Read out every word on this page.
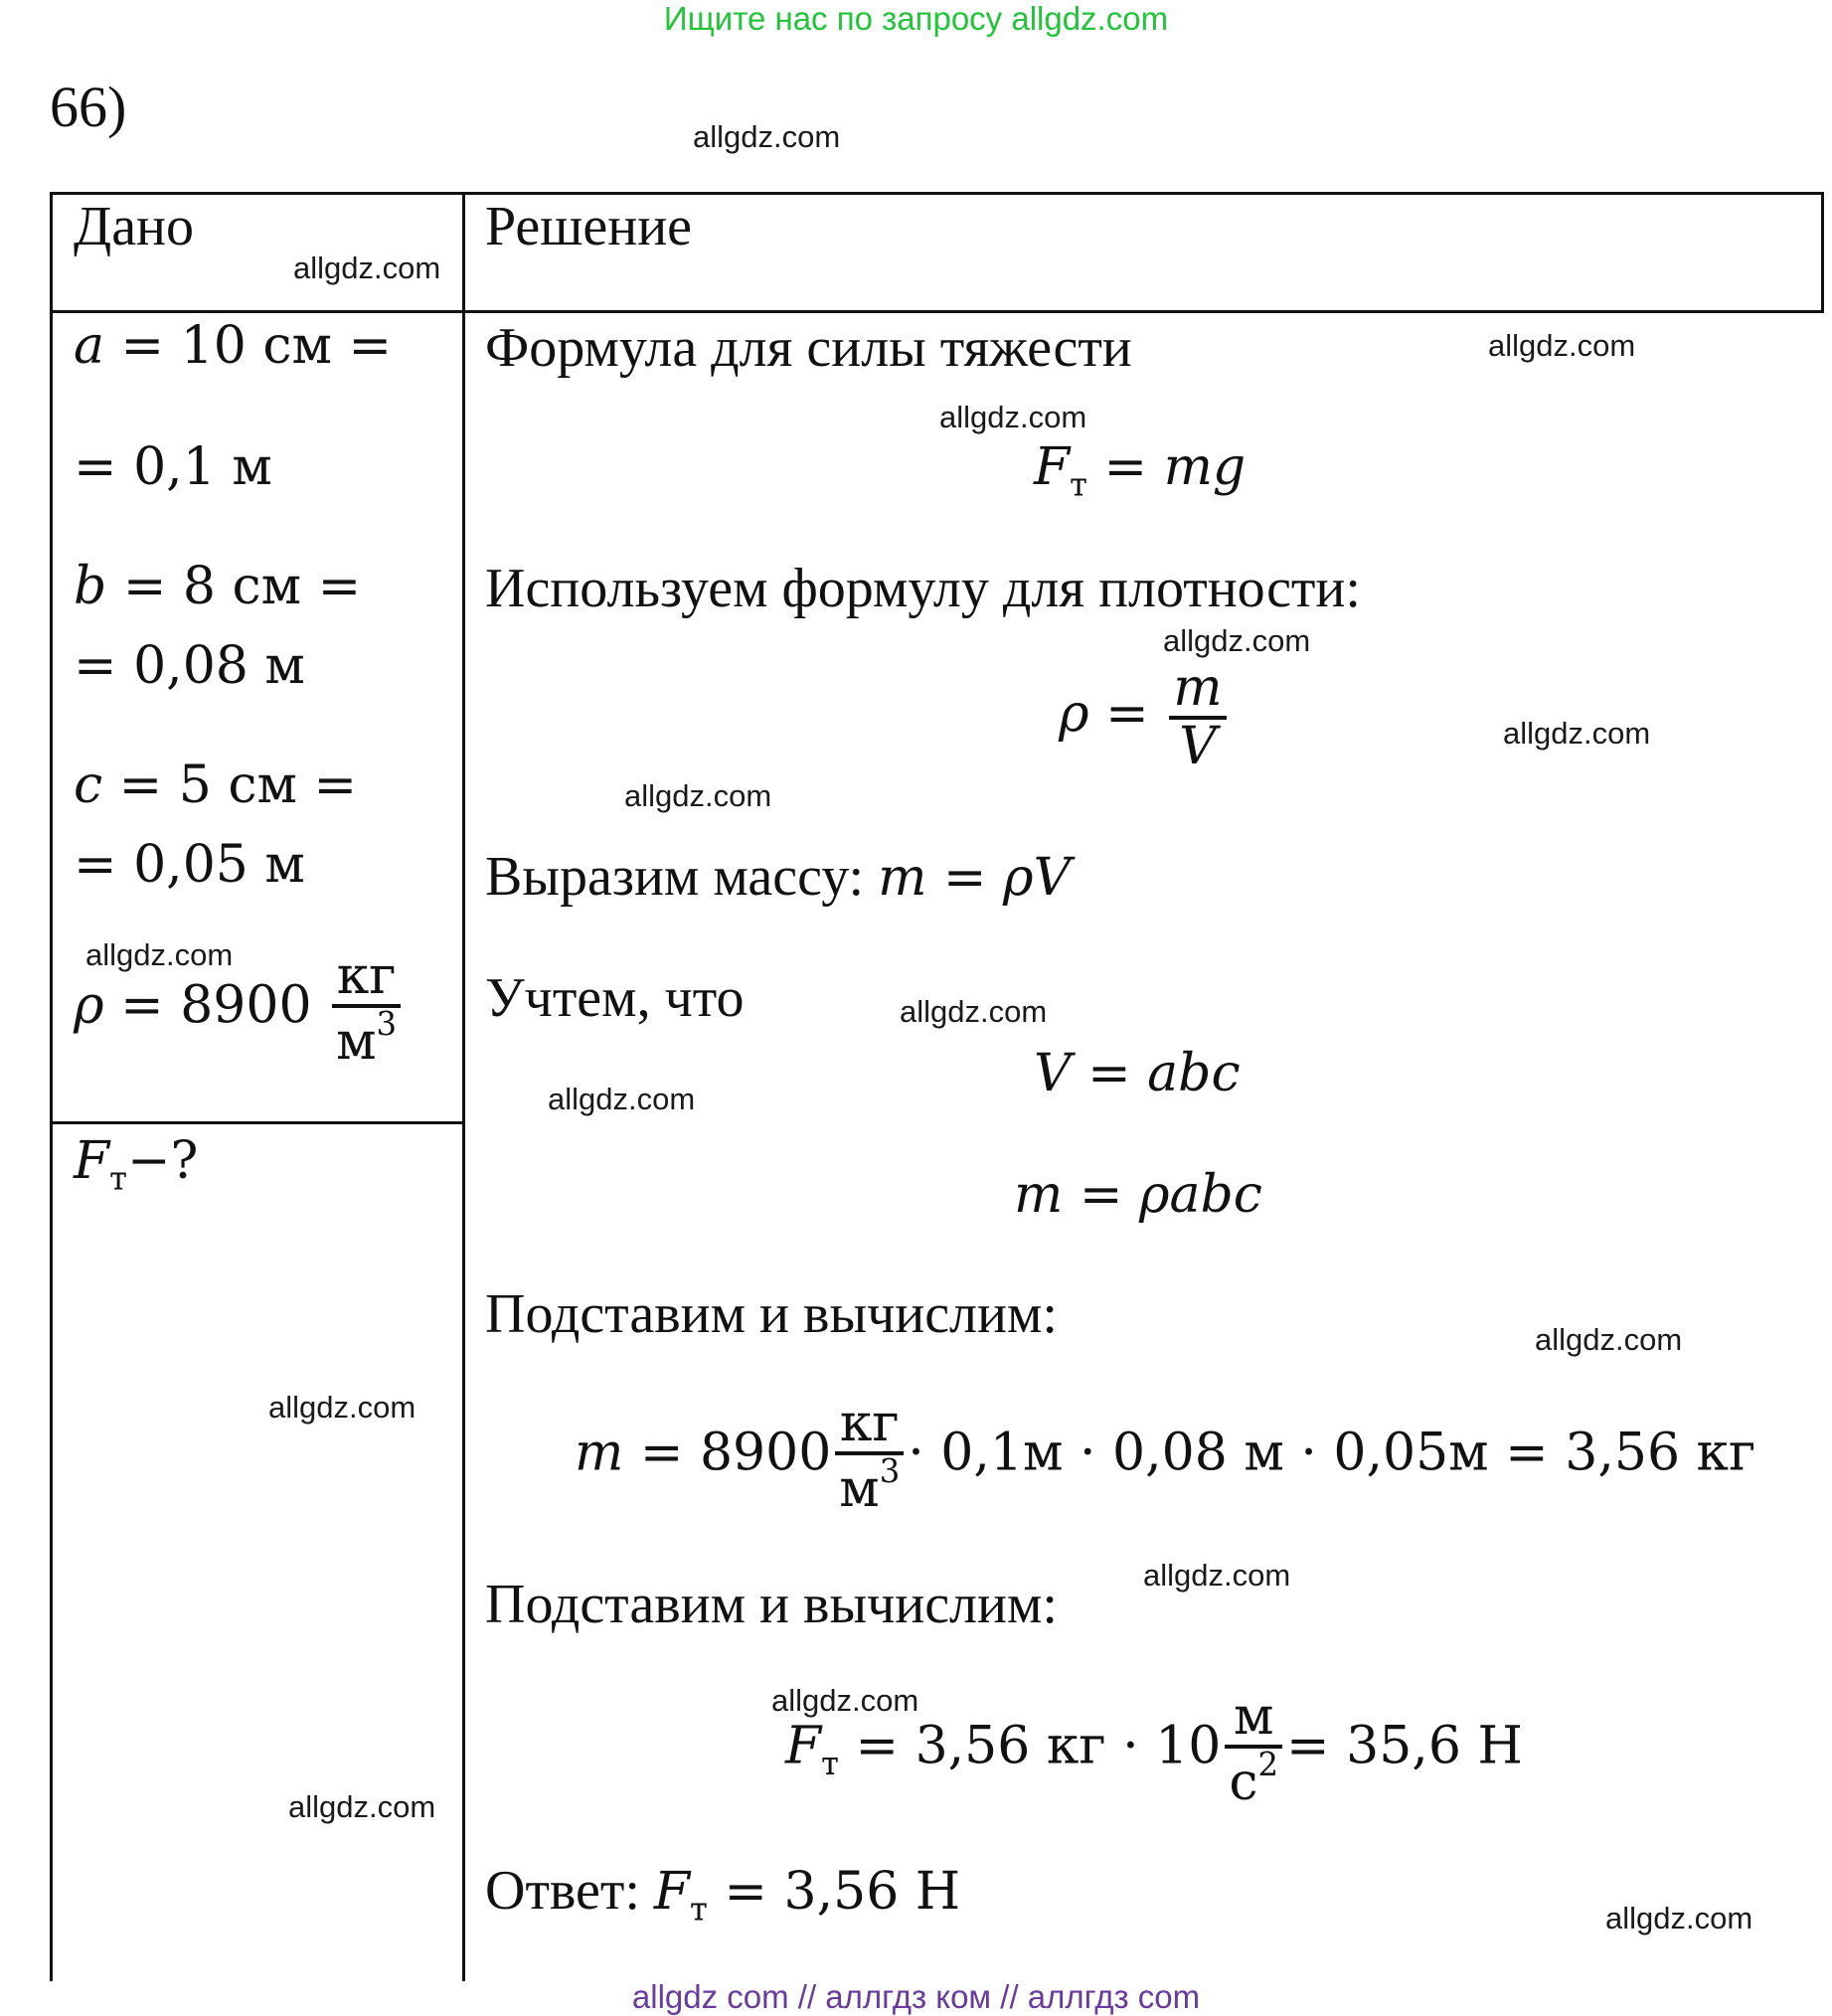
Ищите нас по запросу allgdz.com
66)
Дано	Решение
a = 10 см =
= 0,1 м
b = 8 см =
= 0,08 м
c = 5 см =
= 0,05 м
$\rho = 8900 \frac{кг}{м^3}$
$F_т-$?
Формула для силы тяжести
$F_т$ = mg
Используем формулу для плотности:
$\rho = \frac{m}{V}$
Выразим массу: m = ρV
Учтем, что
V = abc
m = ρabc
Подставим и вычислим:
$m = 8900 \frac{кг}{м^3} \cdot 0,1м \cdot 0,08$ м · 0,05м = 3,56 кг
Подставим и вычислим:
$F_т = 3,56$ кг · $10 \frac{м}{с^2} = 35,6$ Н
Ответ: $F_т = 3,56$ Н
allgdz.com
allgdz.com
allgdz.com
allgdz.com
allgdz.com
allgdz.com
allgdz.com
allgdz.com
allgdz.com
allgdz.com
allgdz.com
allgdz.com
allgdz.com
allgdz.com
allgdz.com
allgdz.com
allgdz com // аллгдз ком // аллгдз com
